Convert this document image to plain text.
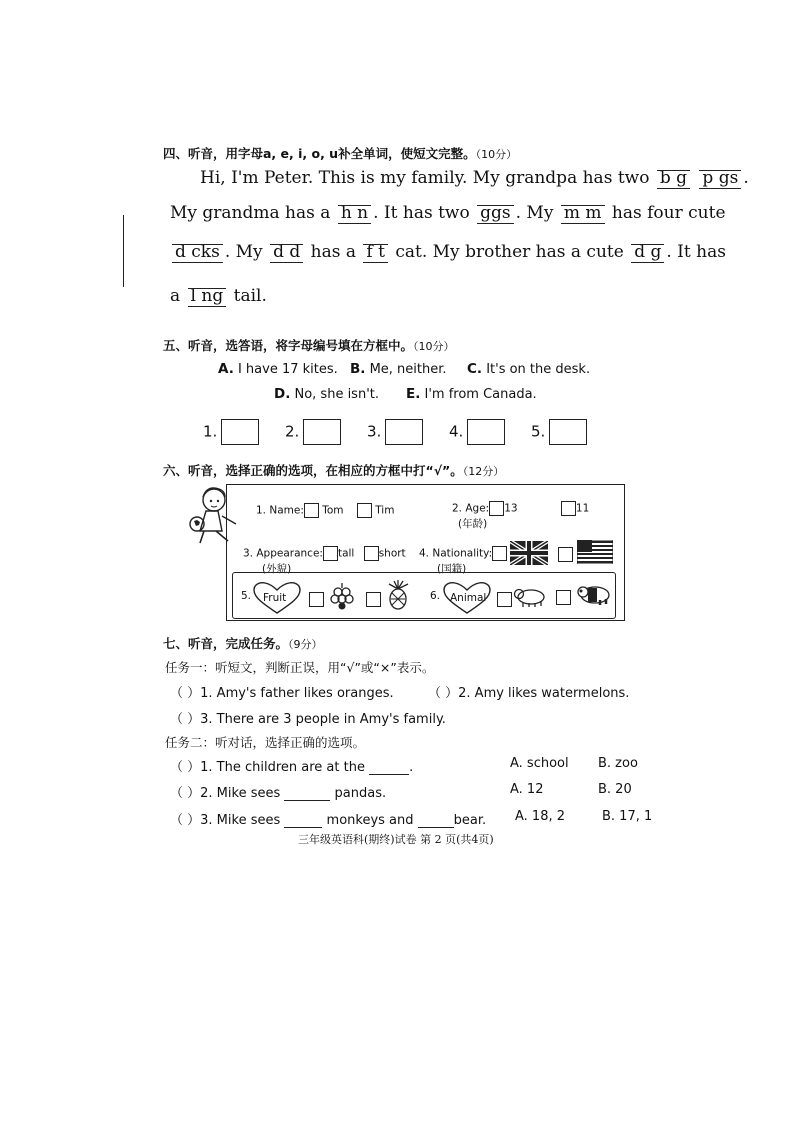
四、听音，用字母a, e, i, o, u补全单词，使短文完整。（10分）
Hi, I'm Peter. This is my family. My grandpa has two b g p gs .
My grandma has a h n . It has two ggs . My m m has four cute
d cks . My d d has a f t cat. My brother has a cute d g . It has
a l ng tail.
五、听音，选答语，将字母编号填在方框中。（10分）
A. I have 17 kites. B. Me, neither. C. It's on the desk.
D. No, she isn't. E. I'm from Canada.
1.	2.	3.	4.	5.
六、听音，选择正确的选项，在相应的方框中打“√”。（12分）
1. Name: Tom	Tim	2. Age: 13	11
(年龄)
3. Appearance: tall short
(外貌)
4. Nationality:
(国籍)
5. Fruit	6. Animal
七、听音，完成任务。（9分）
任务一：听短文，判断正误，用“√”或“×”表示。
（ ）1. Amy's father likes oranges.	（ ）2. Amy likes watermelons.
（ ）3. There are 3 people in Amy's family.
任务二：听对话，选择正确的选项。
（ ）1. The children are at the	.	A. school B. zoo
（ ）2. Mike sees	pandas.	A. 12	B. 20
（ ）3. Mike sees	monkeys and	bear. A. 18, 2	B. 17, 1
三年级英语科(期终)试卷 第 2 页(共4页)
